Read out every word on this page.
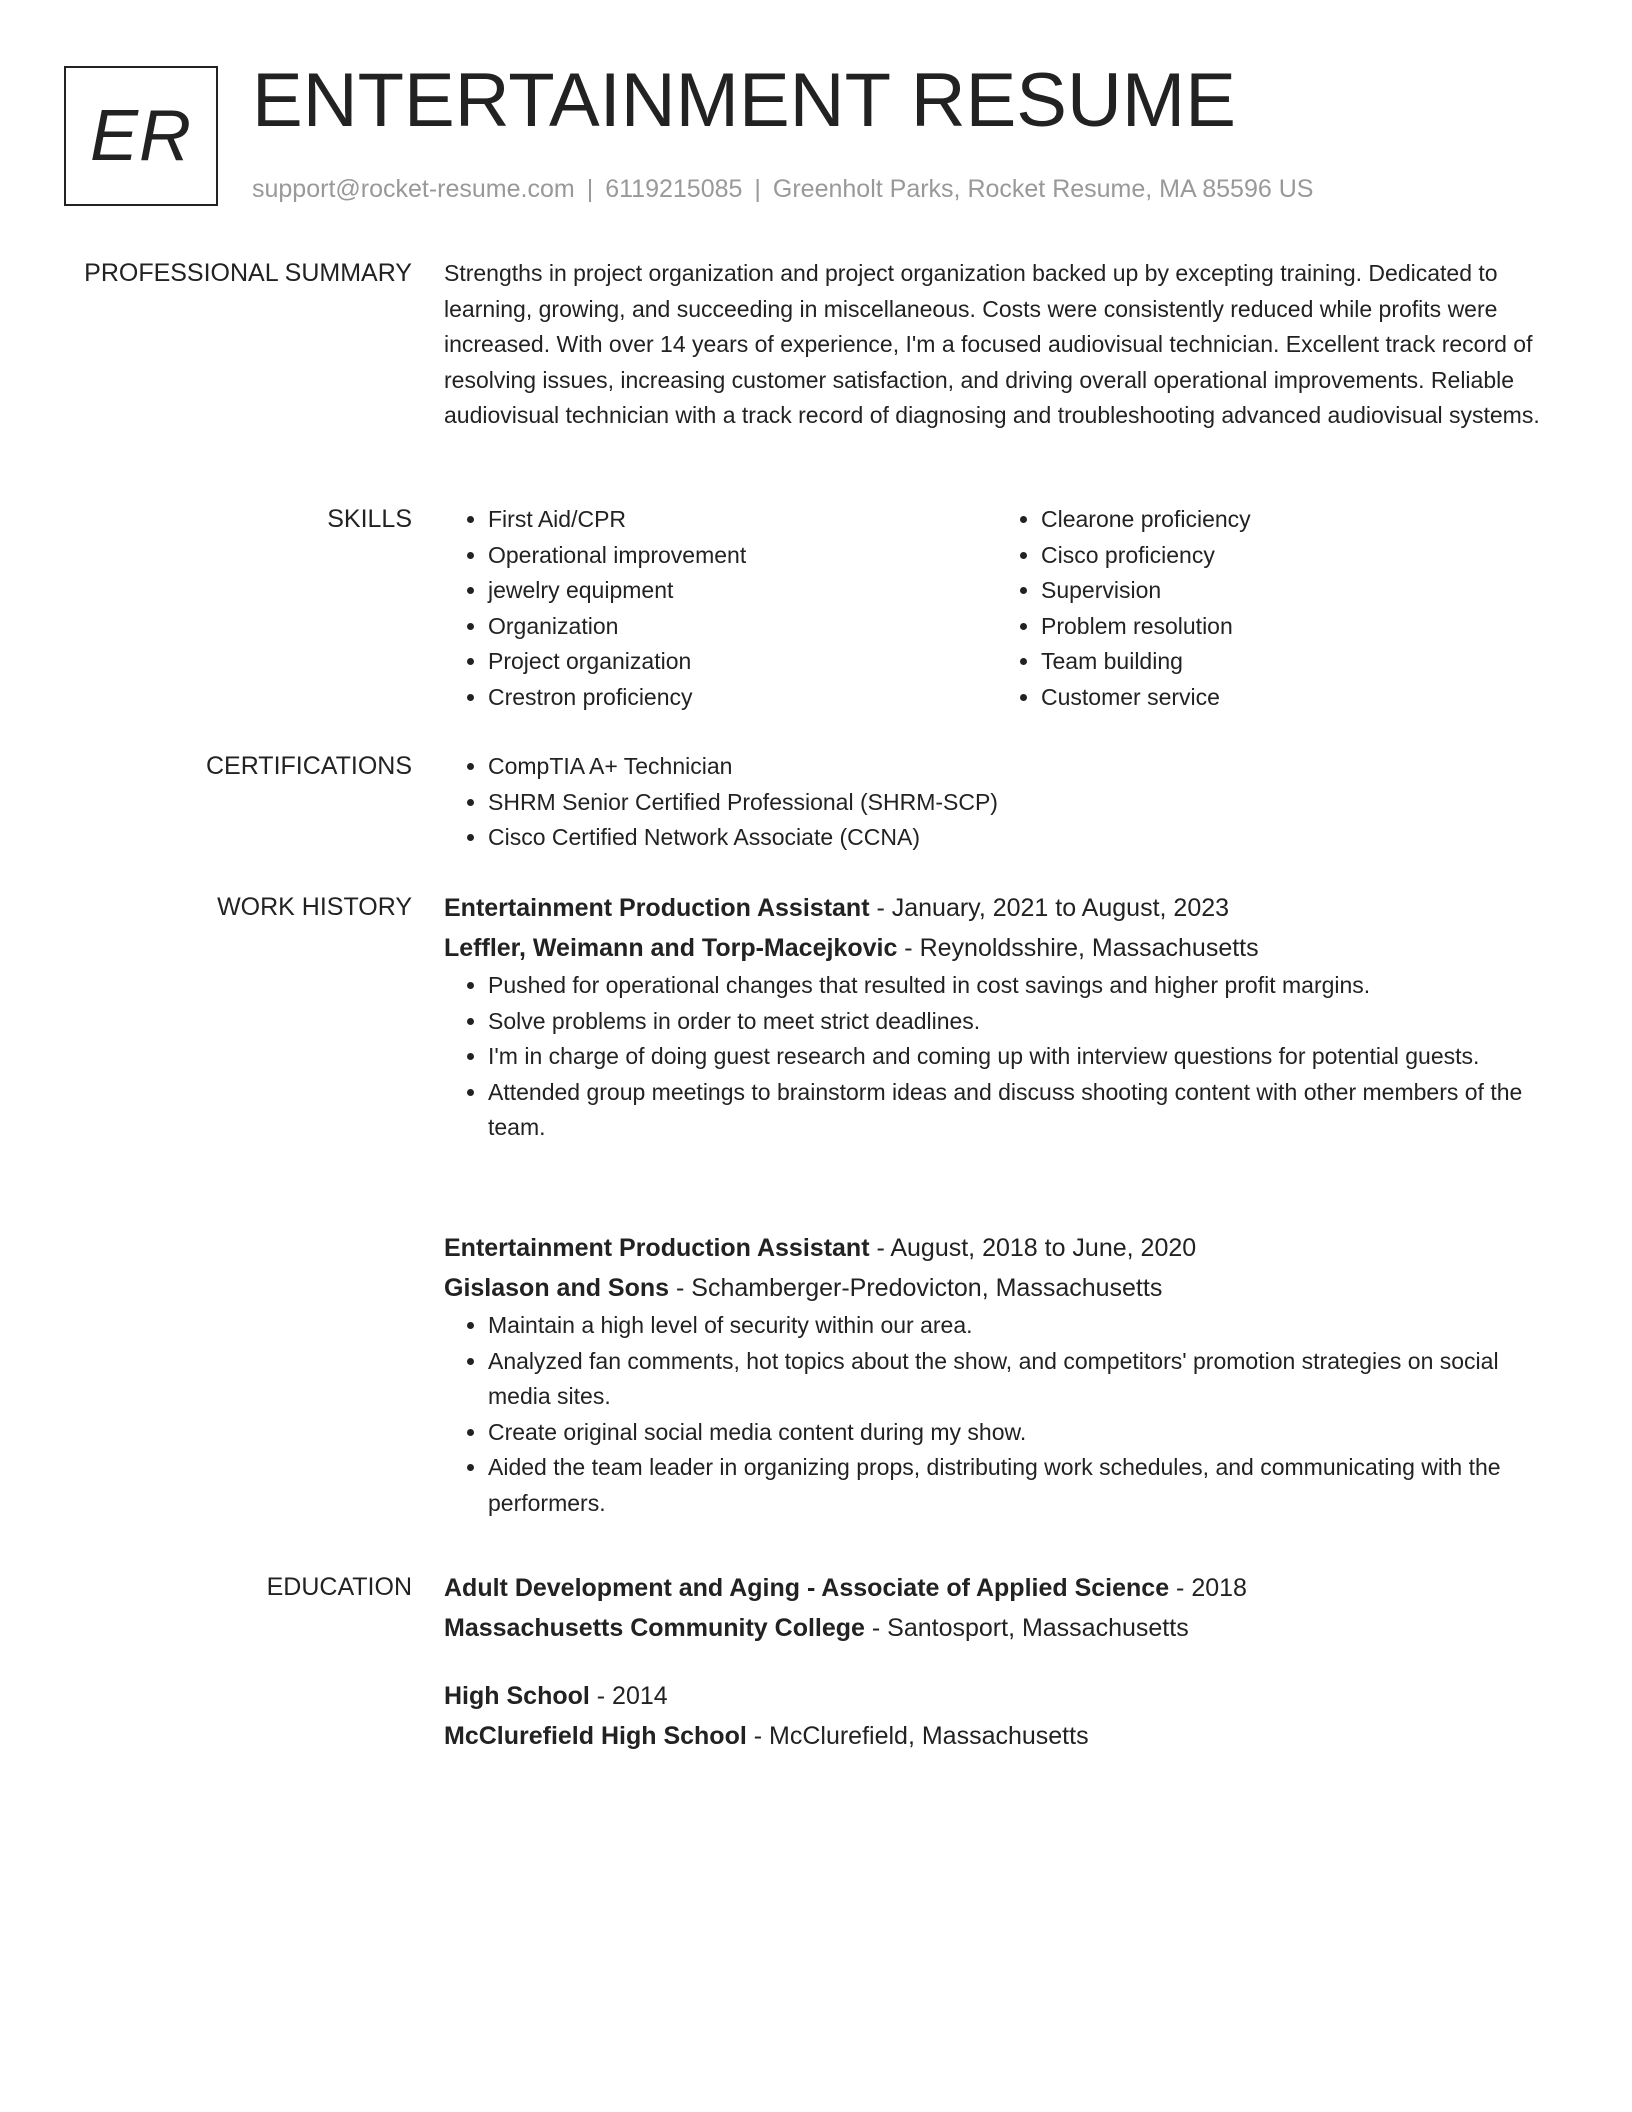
ER ENTERTAINMENT RESUME
support@rocket-resume.com | 6119215085 | Greenholt Parks, Rocket Resume, MA 85596 US
PROFESSIONAL SUMMARY Strengths in project organization and project organization backed up by excepting training. Dedicated to learning, growing, and succeeding in miscellaneous. Costs were consistently reduced while profits were increased. With over 14 years of experience, I'm a focused audiovisual technician. Excellent track record of resolving issues, increasing customer satisfaction, and driving overall operational improvements. Reliable audiovisual technician with a track record of diagnosing and troubleshooting advanced audiovisual systems.
SKILLS	• First Aid/CPR
• Operational improvement
• jewelry equipment
• Organization
• Project organization
• Crestron proficiency
• Clearone proficiency
• Cisco proficiency
• Supervision
• Problem resolution
• Team building
• Customer service
CERTIFICATIONS	• CompTIA A+ Technician
• SHRM Senior Certified Professional (SHRM-SCP)
• Cisco Certified Network Associate (CCNA)
WORK HISTORY Entertainment Production Assistant - January, 2021 to August, 2023
Leffler, Weimann and Torp-Macejkovic - Reynoldsshire, Massachusetts
• Pushed for operational changes that resulted in cost savings and higher profit margins.
• Solve problems in order to meet strict deadlines.
• I'm in charge of doing guest research and coming up with interview questions for potential guests.
• Attended group meetings to brainstorm ideas and discuss shooting content with other members of the team.
Entertainment Production Assistant - August, 2018 to June, 2020
Gislason and Sons - Schamberger-Predovicton, Massachusetts
• Maintain a high level of security within our area.
• Analyzed fan comments, hot topics about the show, and competitors' promotion strategies on social media sites.
• Create original social media content during my show.
• Aided the team leader in organizing props, distributing work schedules, and communicating with the performers.
EDUCATION Adult Development and Aging - Associate of Applied Science - 2018
Massachusetts Community College - Santosport, Massachusetts
High School - 2014
McClurefield High School - McClurefield, Massachusetts
